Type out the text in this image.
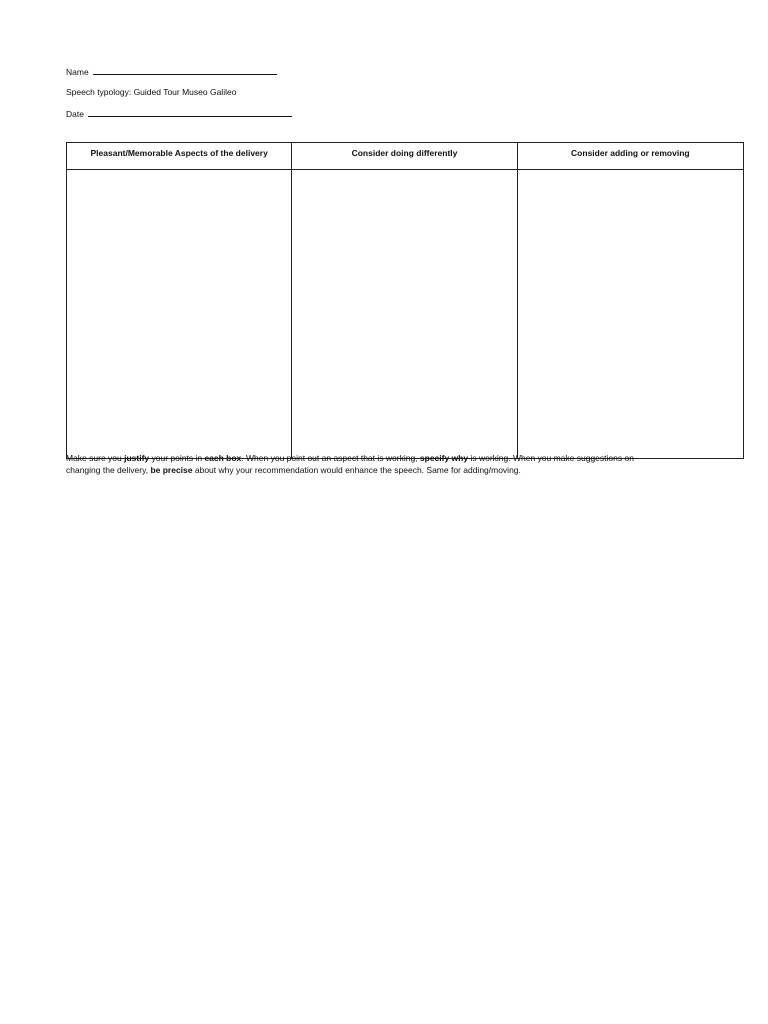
Name
Speech typology: Guided Tour Museo Galileo
Date
Pleasant/Memorable Aspects of the delivery	Consider doing differently	Consider adding or removing

Make sure you justify your points in each box. When you point out an aspect that is working, specify why is working. When you make suggestions on
changing the delivery, be precise about why your recommendation would enhance the speech. Same for adding/moving.
